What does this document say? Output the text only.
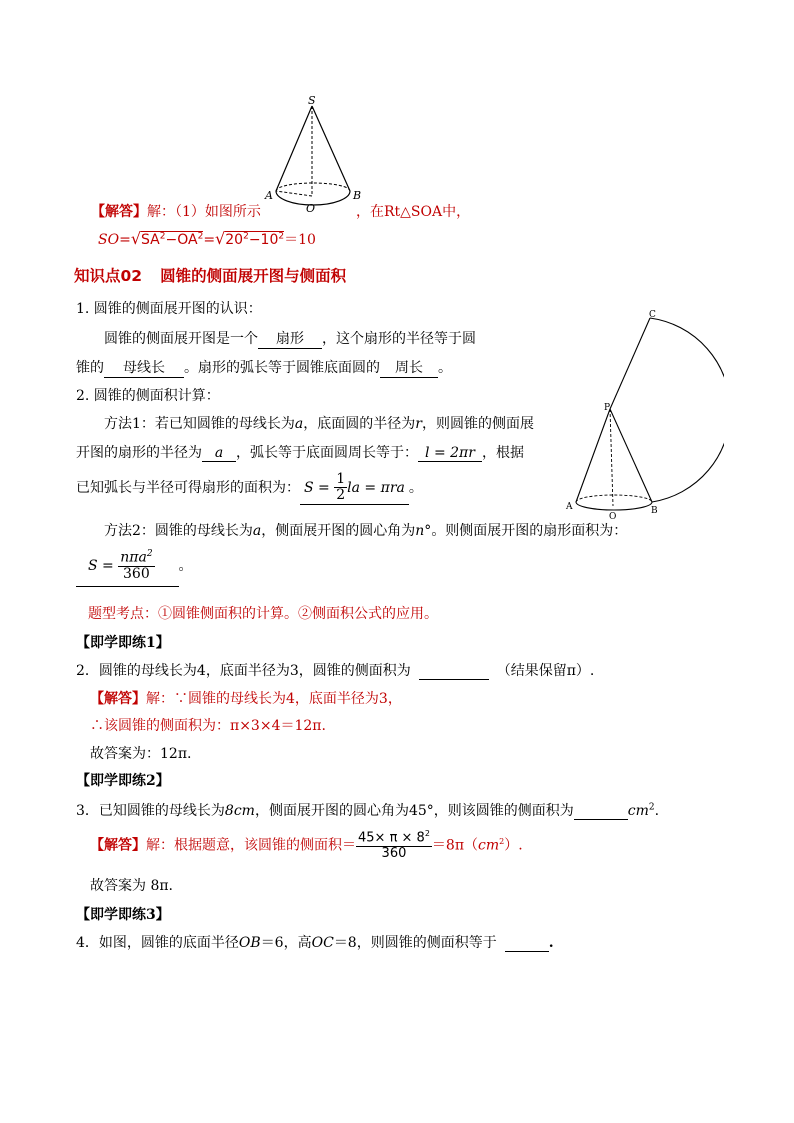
S
A	B
O
【解答】解：（1）如图所示	，在Rt△SOA中，
$SO=√SA^2-OA^2=√20^2-10^2=10$
知识点02 圆锥的侧面展开图与侧面积
1. 圆锥的侧面展开图的认识：
圆锥的侧面展开图是一个 扇形 ，这个扇形的半径等于圆
锥的 母线长 。扇形的弧长等于圆锥底面圆的 周长 。
2. 圆锥的侧面积计算：
方法1：若已知圆锥的母线长为a，底面圆的半径为r，则圆锥的侧面展
开图的扇形的半径为 a ，弧长等于底面圆周长等于： l = 2πr ，根据
已知弧长与半径可得扇形的面积为： $S = \frac{1}{2}$ la = πra 。
方法2：圆锥的母线长为a，侧面展开图的圆心角为n°。则侧面展开图的扇形面积为：
$S = \frac{n\pi a^2}{360}$ 。
C
P
A
O
B
题型考点：①圆锥侧面积的计算。②侧面积公式的应用。
【即学即练1】
2．圆锥的母线长为4，底面半径为3，圆锥的侧面积为	（结果保留π）.
【解答】解：∵圆锥的母线长为4，底面半径为3，
∴该圆锥的侧面积为：π×3×4＝12π.
故答案为：12π.
【即学即练2】
3．已知圆锥的母线长为8cm，侧面展开图的圆心角为45°，则该圆锥的侧面积为	$cm^2$.
【解答】解：根据题意，该圆锥的侧面积＝ $\frac{45\times \pi \times 8^2}{360} =8\pi(cm^2)$.
故答案为 8π.
【即学即练3】
4．如图，圆锥的底面半径OB＝6，高OC＝8，则圆锥的侧面积等于	.
